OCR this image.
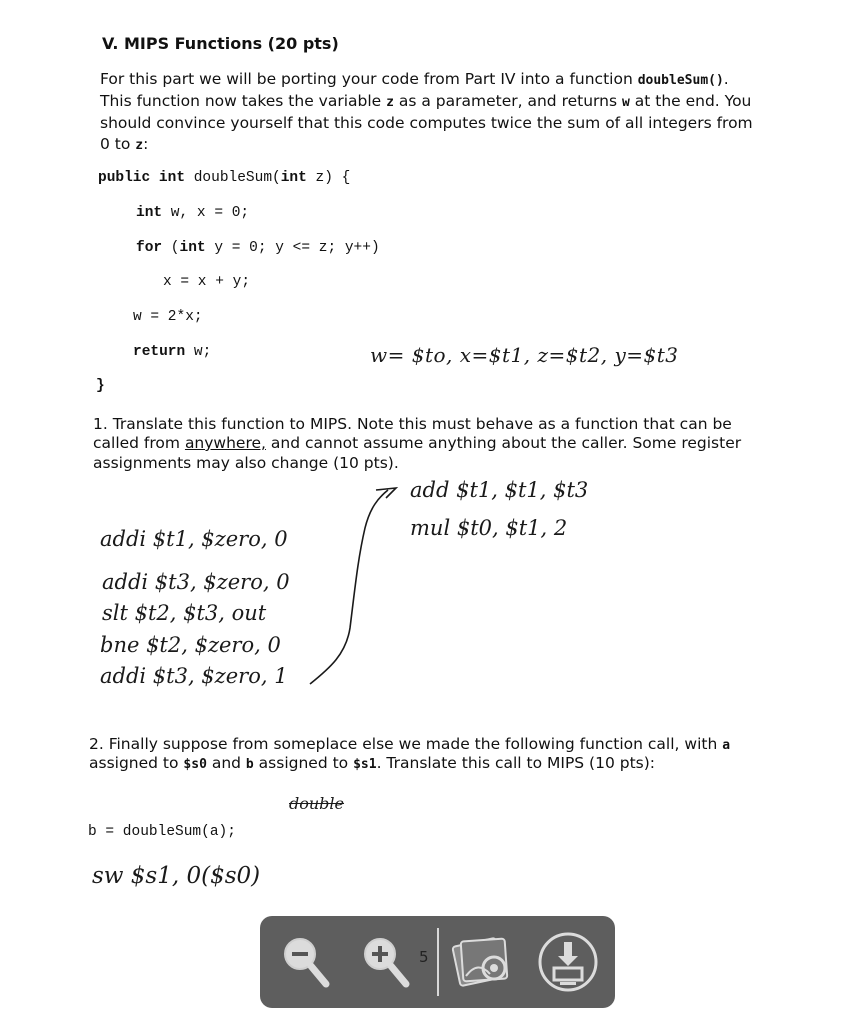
V. MIPS Functions (20 pts)
For this part we will be porting your code from Part IV into a function doubleSum().
This function now takes the variable z as a parameter, and returns w at the end. You
should convince yourself that this code computes twice the sum of all integers from
0 to z:
public int doubleSum(int z) {
int w, x = 0;
for (int y = 0; y <= z; y++)
x = x + y;
w = 2*x;
return w;
}
w= $to, x=$t1, z=$t2, y=$t3
1. Translate this function to MIPS. Note this must behave as a function that can be
called from anywhere, and cannot assume anything about the caller. Some register
assignments may also change (10 pts).
addi $t1, $zero, 0
addi $t3, $zero, 0
slt $t2, $t3, out
bne $t2, $zero, 0
addi $t3, $zero, 1
add $t1, $t1, $t3
mul $t0, $t1, 2
2. Finally suppose from someplace else we made the following function call, with a
assigned to $s0 and b assigned to $s1. Translate this call to MIPS (10 pts):
double
b = doubleSum(a);
sw $s1, 0($s0)
5
